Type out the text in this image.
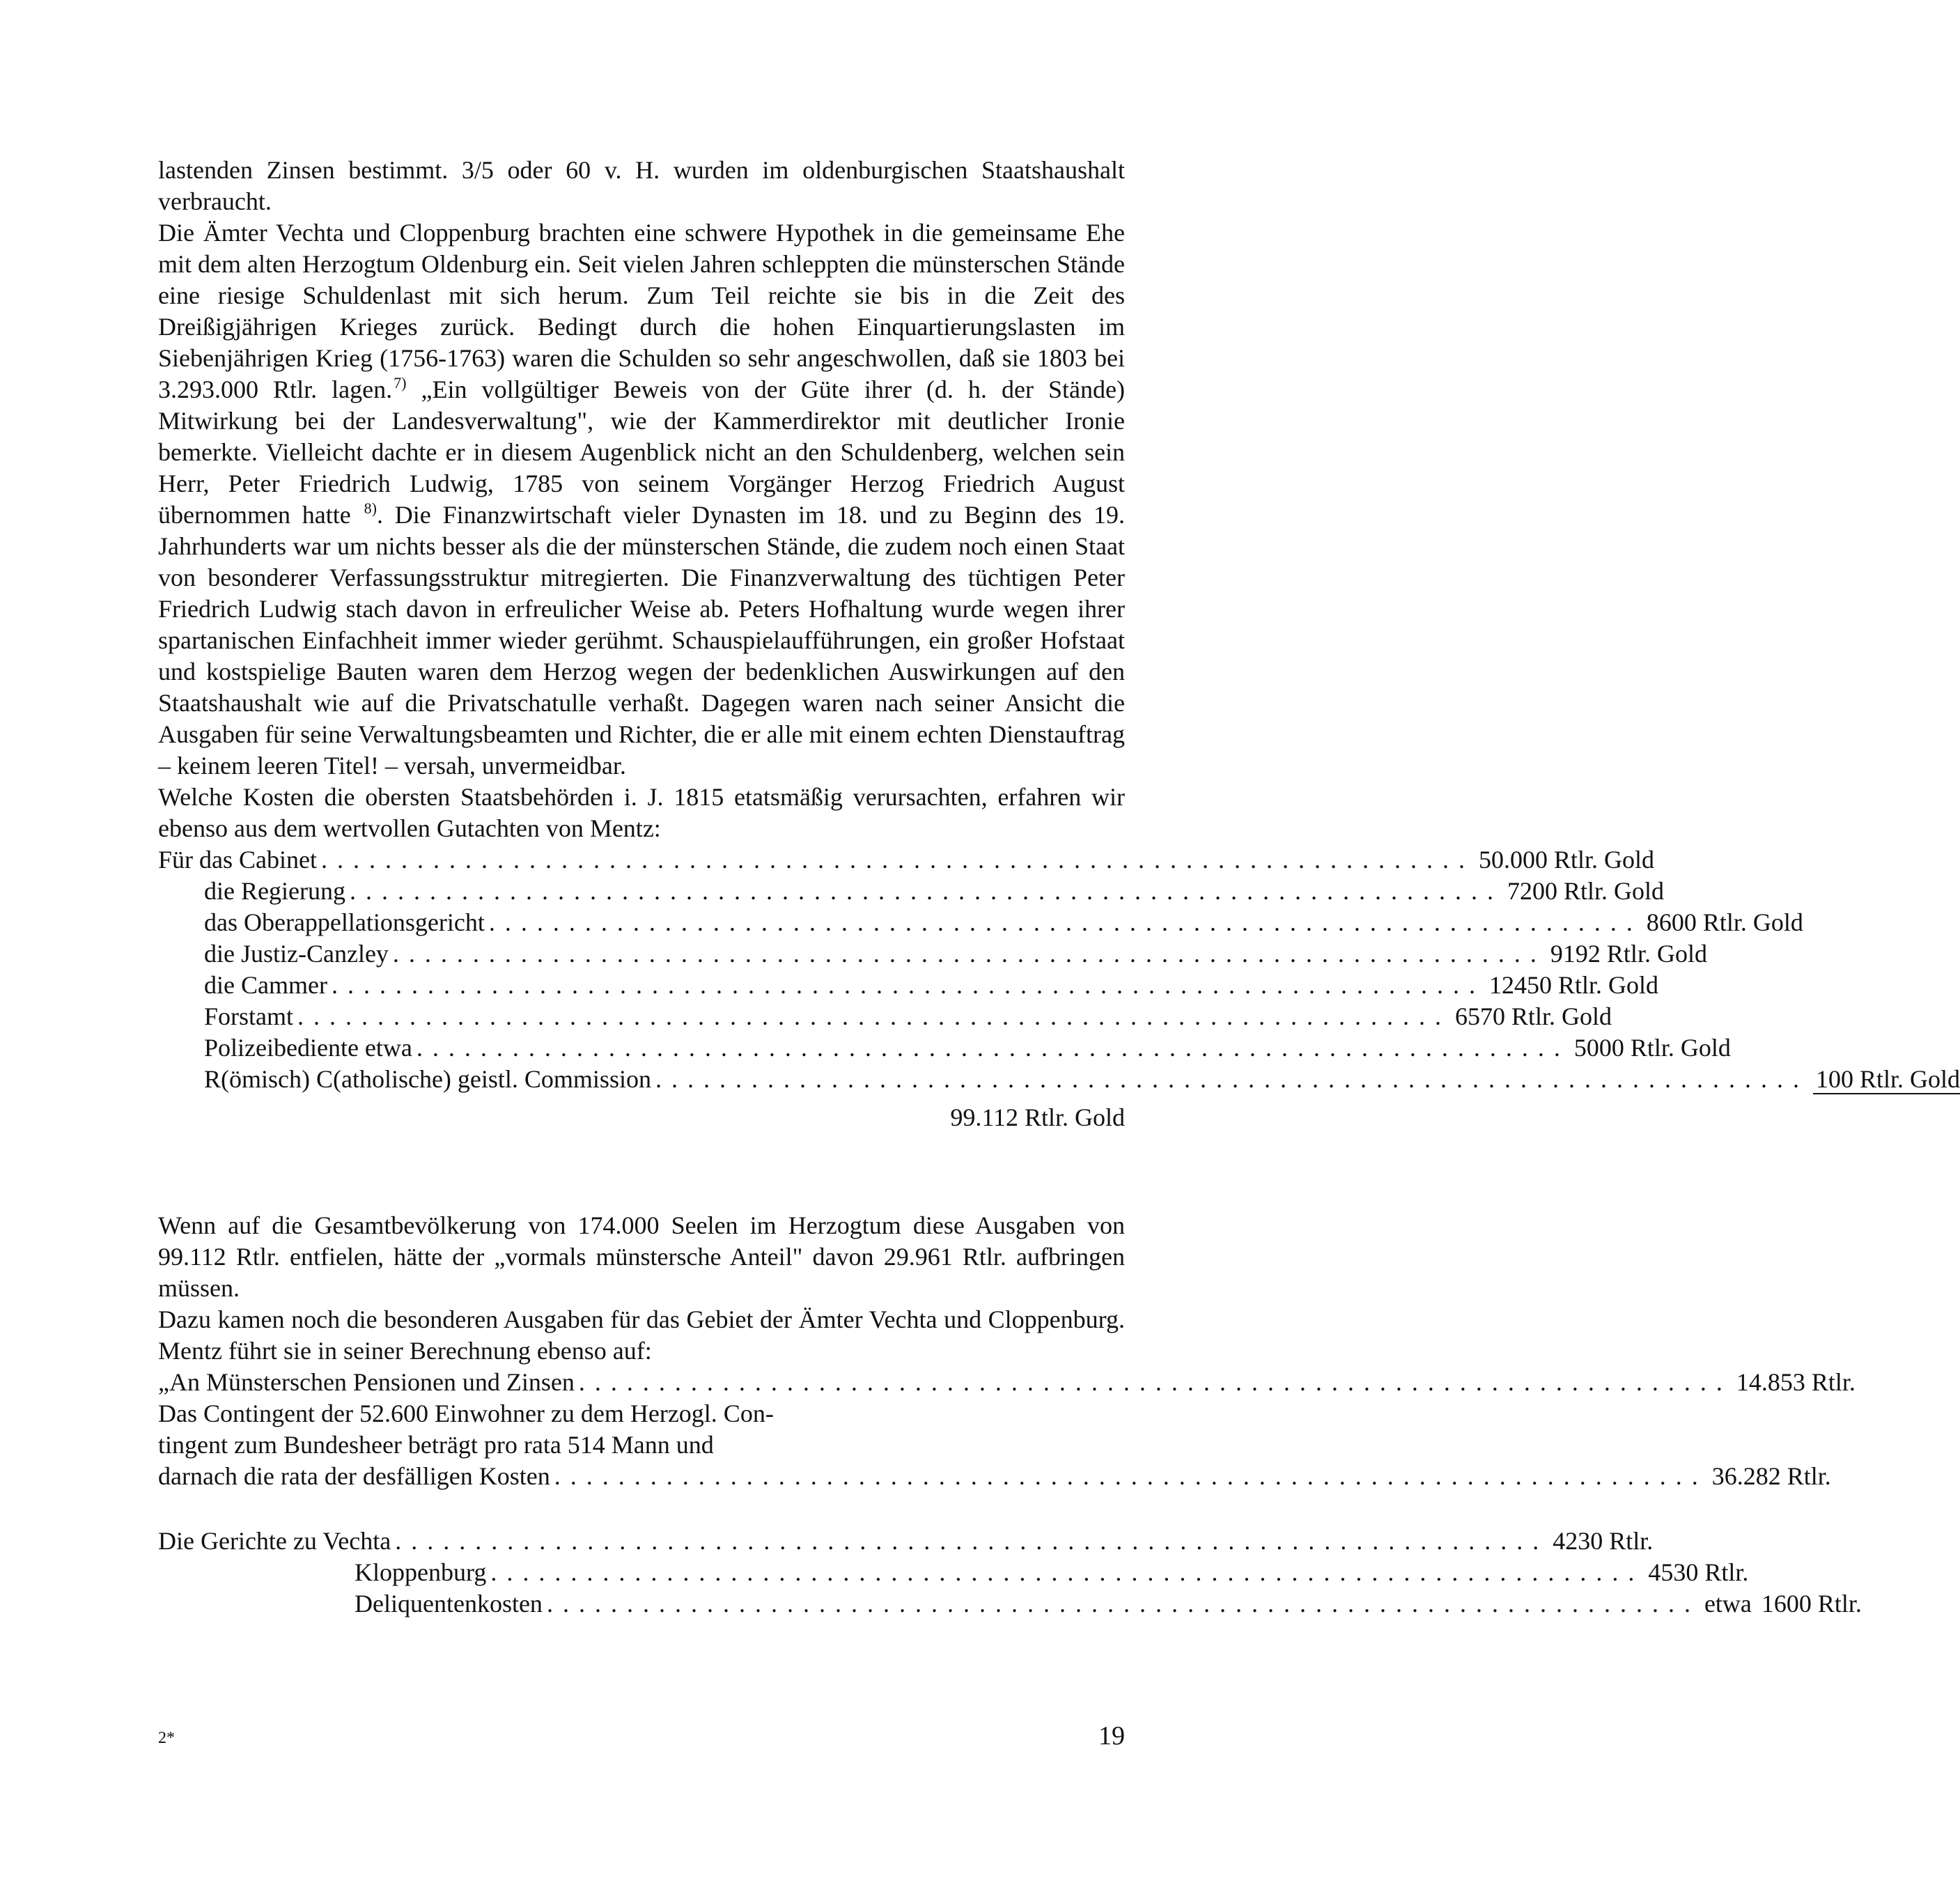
lastenden Zinsen bestimmt. 3/5 oder 60 v. H. wurden im oldenburgischen Staatshaushalt verbraucht.

Die Ämter Vechta und Cloppenburg brachten eine schwere Hypothek in die gemeinsame Ehe mit dem alten Herzogtum Oldenburg ein. Seit vielen Jahren schleppten die münsterschen Stände eine riesige Schuldenlast mit sich herum. Zum Teil reichte sie bis in die Zeit des Dreißigjährigen Krieges zurück. Bedingt durch die hohen Einquartierungslasten im Siebenjährigen Krieg (1756-1763) waren die Schulden so sehr angeschwollen, daß sie 1803 bei 3.293.000 Rtlr. lagen.$^{7)}$ „Ein vollgültiger Beweis von der Güte ihrer (d. h. der Stände) Mitwirkung bei der Landesverwaltung", wie der Kammerdirektor mit deutlicher Ironie bemerkte. Vielleicht dachte er in diesem Augenblick nicht an den Schuldenberg, welchen sein Herr, Peter Friedrich Ludwig, 1785 von seinem Vorgänger Herzog Friedrich August übernommen hatte $^{8)}$. Die Finanzwirtschaft vieler Dynasten im 18. und zu Beginn des 19. Jahrhunderts war um nichts besser als die der münsterschen Stände, die zudem noch einen Staat von besonderer Verfassungsstruktur mitregierten. Die Finanzverwaltung des tüchtigen Peter Friedrich Ludwig stach davon in erfreulicher Weise ab. Peters Hofhaltung wurde wegen ihrer spartanischen Einfachheit immer wieder gerühmt. Schauspielaufführungen, ein großer Hofstaat und kostspielige Bauten waren dem Herzog wegen der bedenklichen Auswirkungen auf den Staatshaushalt wie auf die Privatschatulle verhaßt. Dagegen waren nach seiner Ansicht die Ausgaben für seine Verwaltungsbeamten und Richter, die er alle mit einem echten Dienstauftrag – keinem leeren Titel! – versah, unvermeidbar.

Welche Kosten die obersten Staatsbehörden i. J. 1815 etatsmäßig verursachten, erfahren wir ebenso aus dem wertvollen Gutachten von Mentz:

Für das Cabinet ........................................................................ 50.000 Rtlr. Gold
die Regierung ........................................................................ 7200 Rtlr. Gold
das Oberappellationsgericht ........................................................................ 8600 Rtlr. Gold
die Justiz-Canzley ........................................................................ 9192 Rtlr. Gold
die Cammer ........................................................................ 12450 Rtlr. Gold
Forstamt ........................................................................ 6570 Rtlr. Gold
Polizeibediente etwa ........................................................................ 5000 Rtlr. Gold
R(ömisch) C(atholische) geistl. Commission ........................................................................ 100 Rtlr. Gold
99.112 Rtlr. Gold

Wenn auf die Gesamtbevölkerung von 174.000 Seelen im Herzogtum diese Ausgaben von 99.112 Rtlr. entfielen, hätte der „vormals münstersche Anteil" davon 29.961 Rtlr. aufbringen müssen.

Dazu kamen noch die besonderen Ausgaben für das Gebiet der Ämter Vechta und Cloppenburg. Mentz führt sie in seiner Berechnung ebenso auf:

„An Münsterschen Pensionen und Zinsen ........................................................................ 14.853 Rtlr.
Das Contingent der 52.600 Einwohner zu dem Herzogl. Con-
tingent zum Bundesheer beträgt pro rata 514 Mann und
darnach die rata der desfälligen Kosten ........................................................................ 36.282 Rtlr.
Die Gerichte zu Vechta ........................................................................ 4230 Rtlr.
Kloppenburg ........................................................................ 4530 Rtlr.
Deliquentenkosten ........................................................................ etwa 1600 Rtlr.
2*	19
